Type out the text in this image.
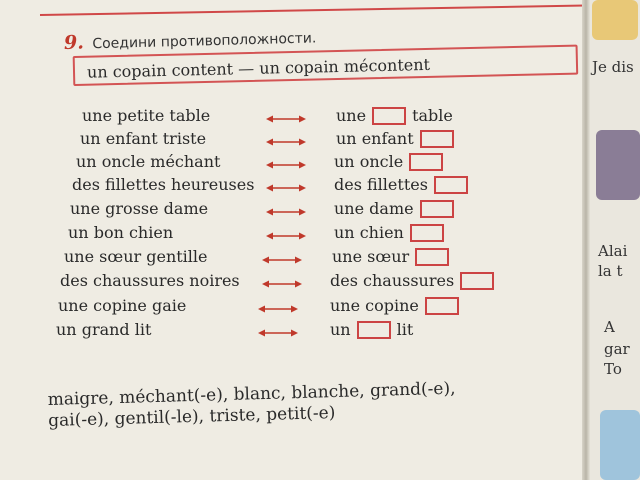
9. Соедини противоположности.
un copain content — un copain mécontent
une petite table	une	table
un enfant triste	un enfant
un oncle méchant	un oncle
des fillettes heureuses	des fillettes
une grosse dame	une dame
un bon chien	un chien
une sœur gentille	une sœur
des chaussures noires	des chaussures
une copine gaie	une copine
un grand lit	un	lit
maigre, méchant(-e), blanc, blanche, grand(-e),
gai(-e), gentil(-le), triste, petit(-e)
Je dis
Alai
la t
A
gar
To
